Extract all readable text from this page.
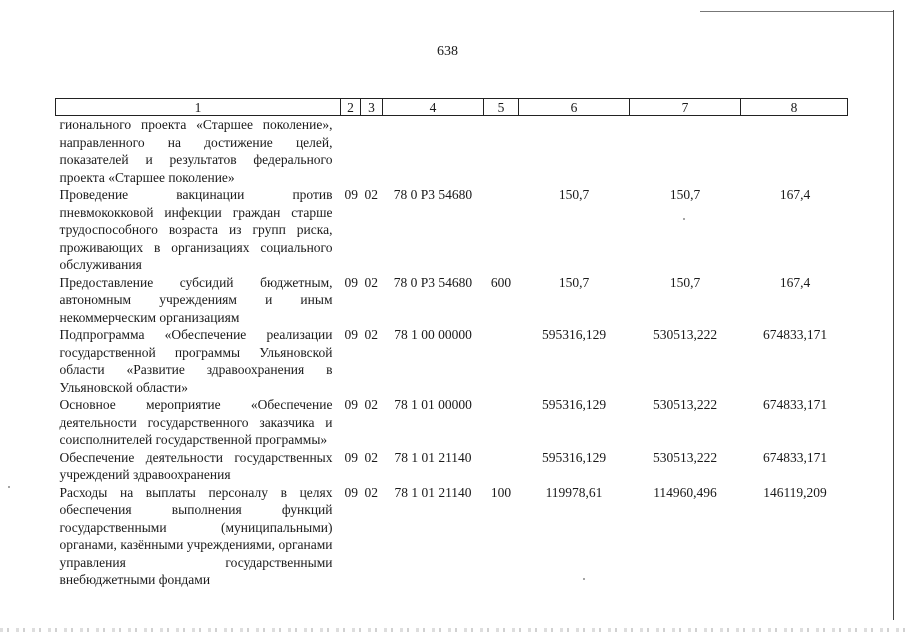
638
1	2	3	4	5	6	7	8
гионального проекта «Старшее поколение», направленного на достижение целей, показателей и результатов федерального проекта «Старшее поколение»							
Проведение вакцинации против пневмококковой инфекции граждан старше трудоспособного возраста из групп риска, проживающих в организациях социального обслуживания	09	02	78 0 P3 54680		150,7	150,7	167,4
Предоставление субсидий бюджетным, автономным учреждениям и иным некоммерческим организациям	09	02	78 0 P3 54680	600	150,7	150,7	167,4
Подпрограмма «Обеспечение реализации государственной программы Ульяновской области «Развитие здравоохранения в Ульяновской области»	09	02	78 1 00 00000		595316,129	530513,222	674833,171
Основное мероприятие «Обеспечение деятельности государственного заказчика и соисполнителей государственной программы»	09	02	78 1 01 00000		595316,129	530513,222	674833,171
Обеспечение деятельности государственных учреждений здравоохранения	09	02	78 1 01 21140		595316,129	530513,222	674833,171
Расходы на выплаты персоналу в целях обеспечения выполнения функций государственными (муниципальными) органами, казёнными учреждениями, органами управления государственными внебюджетными фондами	09	02	78 1 01 21140	100	119978,61	114960,496	146119,209
